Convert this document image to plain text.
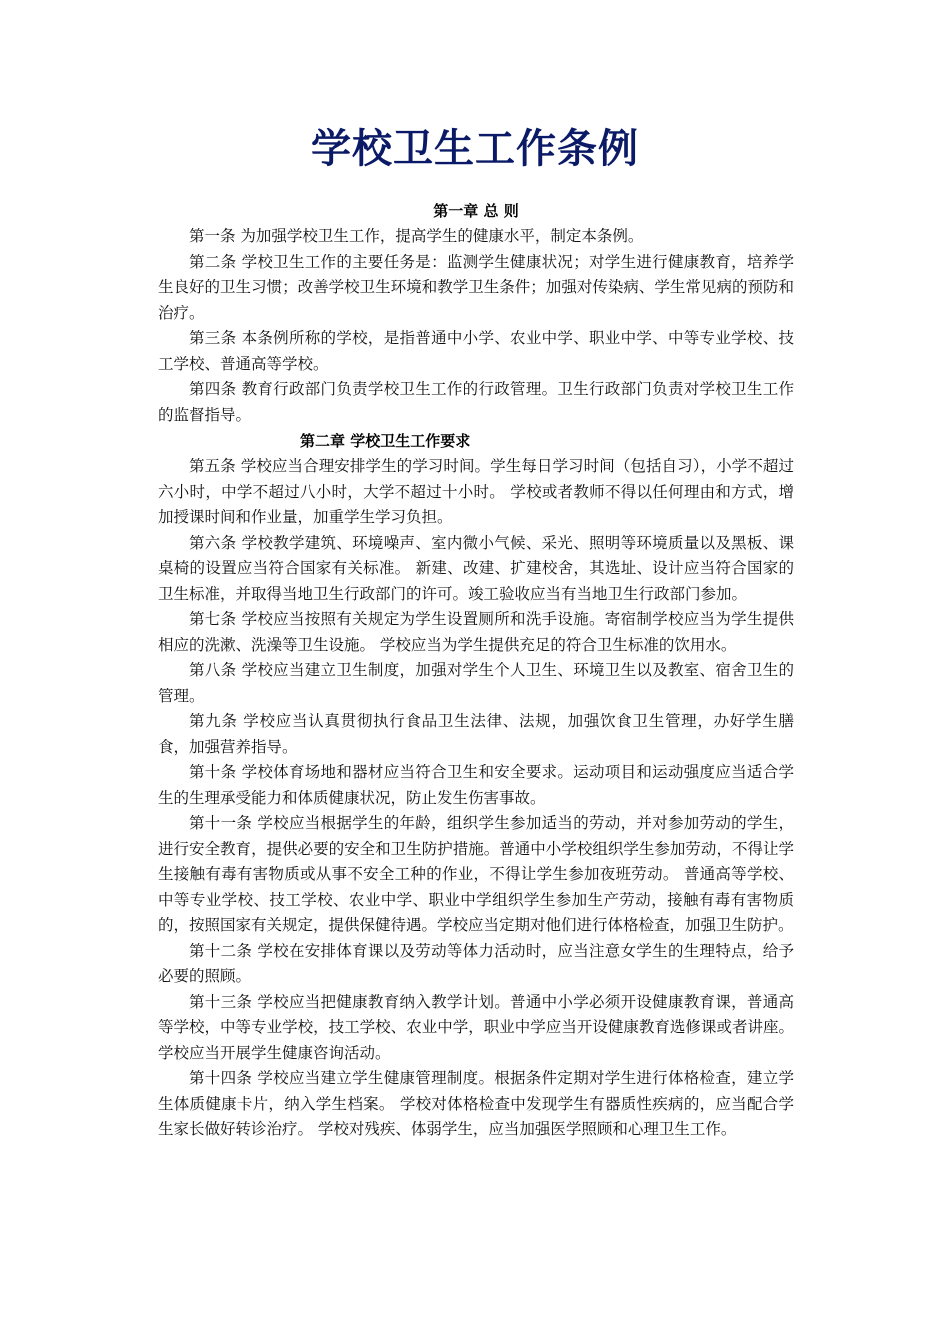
学校卫生工作条例

第一章 总 则

第一条 为加强学校卫生工作，提高学生的健康水平，制定本条例。

第二条 学校卫生工作的主要任务是：监测学生健康状况；对学生进行健康教育，培养学生良好的卫生习惯；改善学校卫生环境和教学卫生条件；加强对传染病、学生常见病的预防和治疗。

第三条 本条例所称的学校，是指普通中小学、农业中学、职业中学、中等专业学校、技工学校、普通高等学校。

第四条 教育行政部门负责学校卫生工作的行政管理。卫生行政部门负责对学校卫生工作的监督指导。

第二章 学校卫生工作要求

第五条 学校应当合理安排学生的学习时间。学生每日学习时间（包括自习），小学不超过六小时，中学不超过八小时，大学不超过十小时。 学校或者教师不得以任何理由和方式，增加授课时间和作业量，加重学生学习负担。

第六条 学校教学建筑、环境噪声、室内微小气候、采光、照明等环境质量以及黑板、课桌椅的设置应当符合国家有关标准。 新建、改建、扩建校舍，其选址、设计应当符合国家的卫生标准，并取得当地卫生行政部门的许可。竣工验收应当有当地卫生行政部门参加。

第七条 学校应当按照有关规定为学生设置厕所和洗手设施。寄宿制学校应当为学生提供相应的洗漱、洗澡等卫生设施。 学校应当为学生提供充足的符合卫生标准的饮用水。

第八条 学校应当建立卫生制度，加强对学生个人卫生、环境卫生以及教室、宿舍卫生的管理。

第九条 学校应当认真贯彻执行食品卫生法律、法规，加强饮食卫生管理，办好学生膳食，加强营养指导。

第十条 学校体育场地和器材应当符合卫生和安全要求。运动项目和运动强度应当适合学生的生理承受能力和体质健康状况，防止发生伤害事故。

第十一条 学校应当根据学生的年龄，组织学生参加适当的劳动，并对参加劳动的学生，进行安全教育，提供必要的安全和卫生防护措施。普通中小学校组织学生参加劳动，不得让学生接触有毒有害物质或从事不安全工种的作业，不得让学生参加夜班劳动。 普通高等学校、中等专业学校、技工学校、农业中学、职业中学组织学生参加生产劳动，接触有毒有害物质的，按照国家有关规定，提供保健待遇。学校应当定期对他们进行体格检查，加强卫生防护。

第十二条 学校在安排体育课以及劳动等体力活动时，应当注意女学生的生理特点，给予必要的照顾。

第十三条 学校应当把健康教育纳入教学计划。普通中小学必须开设健康教育课，普通高等学校，中等专业学校，技工学校、农业中学，职业中学应当开设健康教育选修课或者讲座。 学校应当开展学生健康咨询活动。

第十四条 学校应当建立学生健康管理制度。根据条件定期对学生进行体格检查，建立学生体质健康卡片，纳入学生档案。 学校对体格检查中发现学生有器质性疾病的，应当配合学生家长做好转诊治疗。 学校对残疾、体弱学生，应当加强医学照顾和心理卫生工作。
